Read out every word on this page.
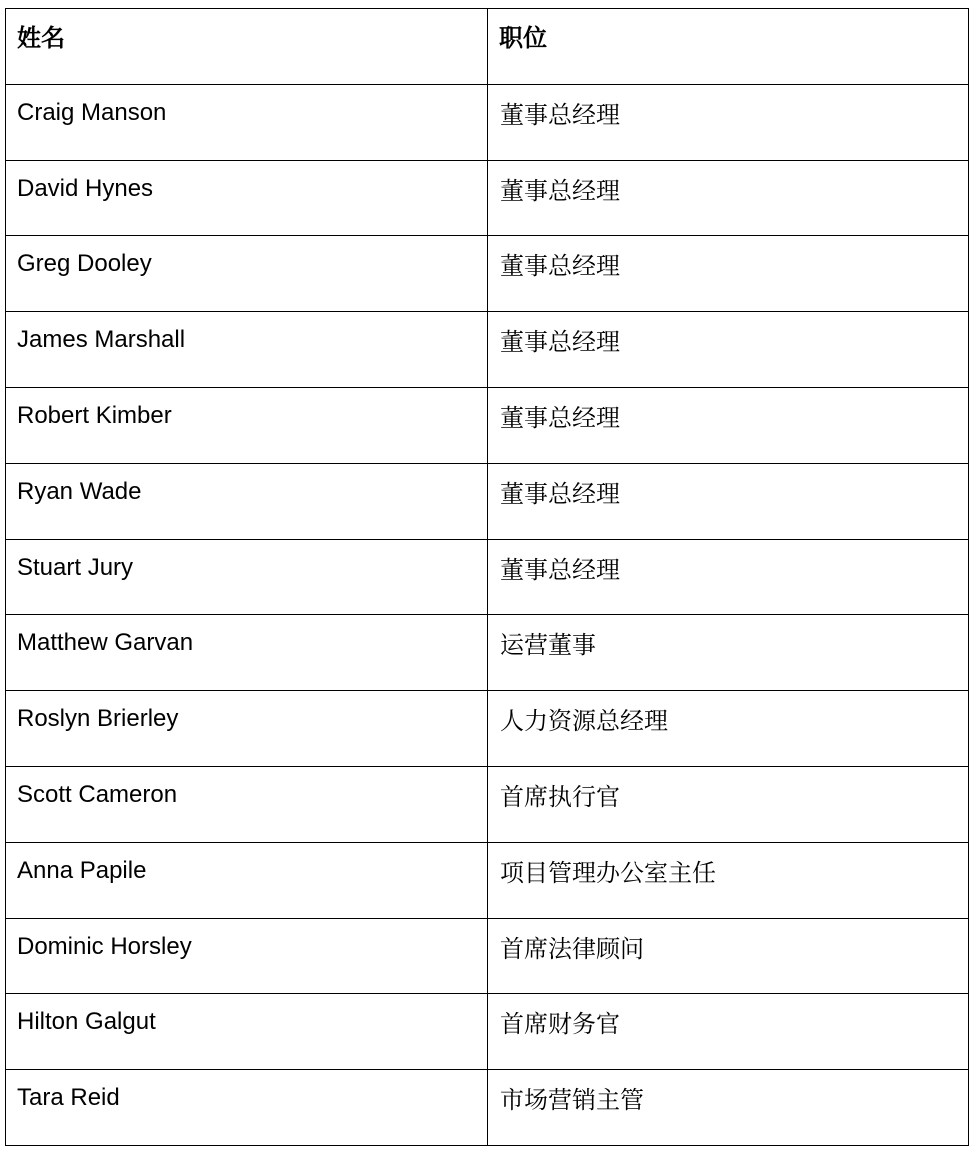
姓名	职位

Craig Manson	董事总经理

David Hynes	董事总经理

Greg Dooley	董事总经理

James Marshall	董事总经理

Robert Kimber	董事总经理

Ryan Wade	董事总经理

Stuart Jury	董事总经理

Matthew Garvan	运营董事

Roslyn Brierley	人力资源总经理

Scott Cameron	首席执行官

Anna Papile	项目管理办公室主任

Dominic Horsley	首席法律顾问

Hilton Galgut	首席财务官

Tara Reid	市场营销主管
